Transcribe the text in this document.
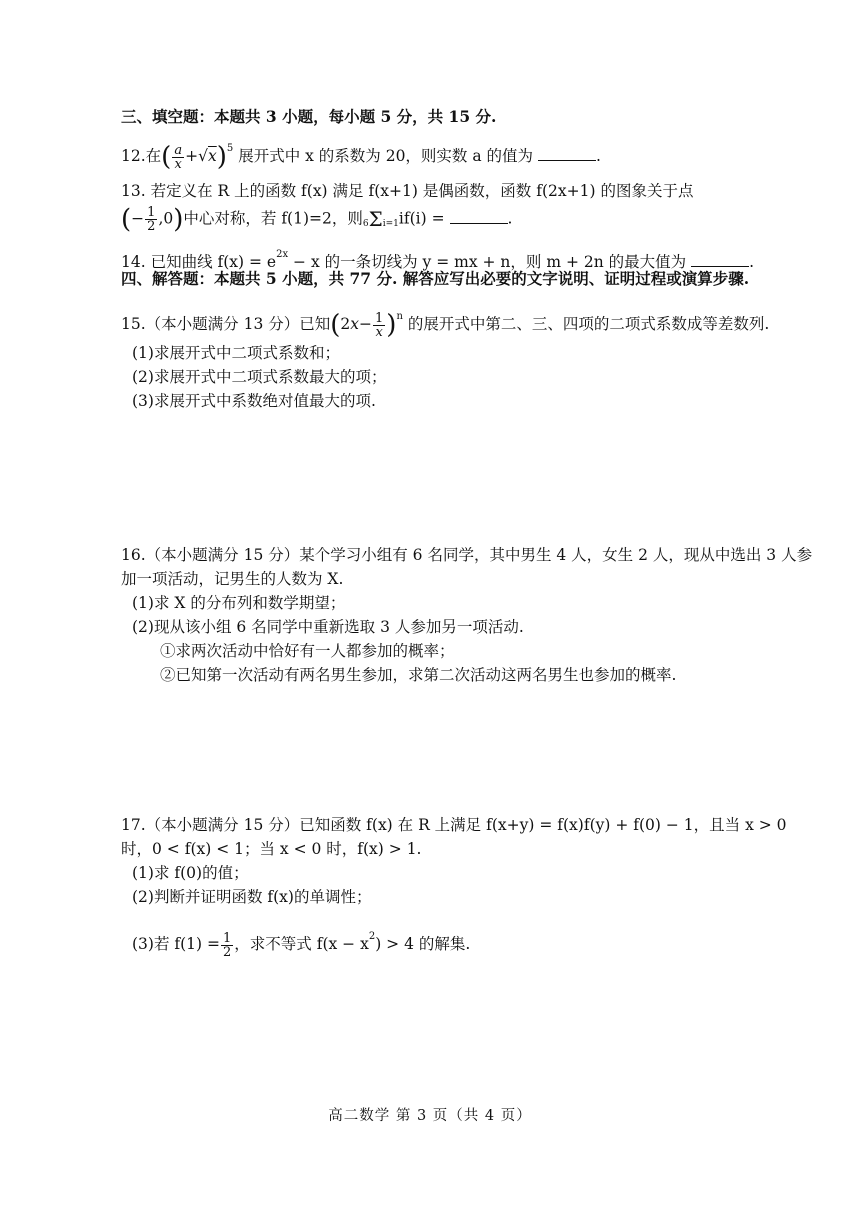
三、填空题：本题共 3 小题，每小题 5 分，共 15 分.
12.在( $\frac{a}{x} +√x)^5$ 展开式中 x 的系数为 20，则实数 a 的值为	.
13. 若定义在 R 上的函数 f(x) 满足 f(x+1) 是偶函数，函数 f(2x+1) 的图象关于点
(− $\frac{1}{2} ,0$)中心对称，若 f(1)=2，则6Σi=1if(i) =	.
14. 已知曲线 $f(x) = e^{2x} - x$ 的一条切线为 y = mx + n，则 m + 2n 的最大值为	.
四、解答题：本题共 5 小题，共 77 分. 解答应写出必要的文字说明、证明过程或演算步骤.
15.（本小题满分 13 分）已知$(2x- \frac{1}{x} )^n$ 的展开式中第二、三、四项的二项式系数成等差数列.
(1)求展开式中二项式系数和；
(2)求展开式中二项式系数最大的项；
(3)求展开式中系数绝对值最大的项.
16.（本小题满分 15 分）某个学习小组有 6 名同学，其中男生 4 人，女生 2 人，现从中选出 3 人参
加一项活动，记男生的人数为 X.
(1)求 X 的分布列和数学期望；
(2)现从该小组 6 名同学中重新选取 3 人参加另一项活动.
①求两次活动中恰好有一人都参加的概率；
②已知第一次活动有两名男生参加，求第二次活动这两名男生也参加的概率.
17.（本小题满分 15 分）已知函数 f(x) 在 R 上满足 f(x+y) = f(x)f(y) + f(0) − 1，且当 x > 0
时，0 < f(x) < 1；当 x < 0 时，f(x) > 1.
(1)求 f(0)的值；
(2)判断并证明函数 f(x)的单调性；
(3)若 $f(1) = \frac{1}{2}$ ，求不等式 $f(x - x^2) > 4$ 的解集.
高二数学 第 3 页（共 4 页）
